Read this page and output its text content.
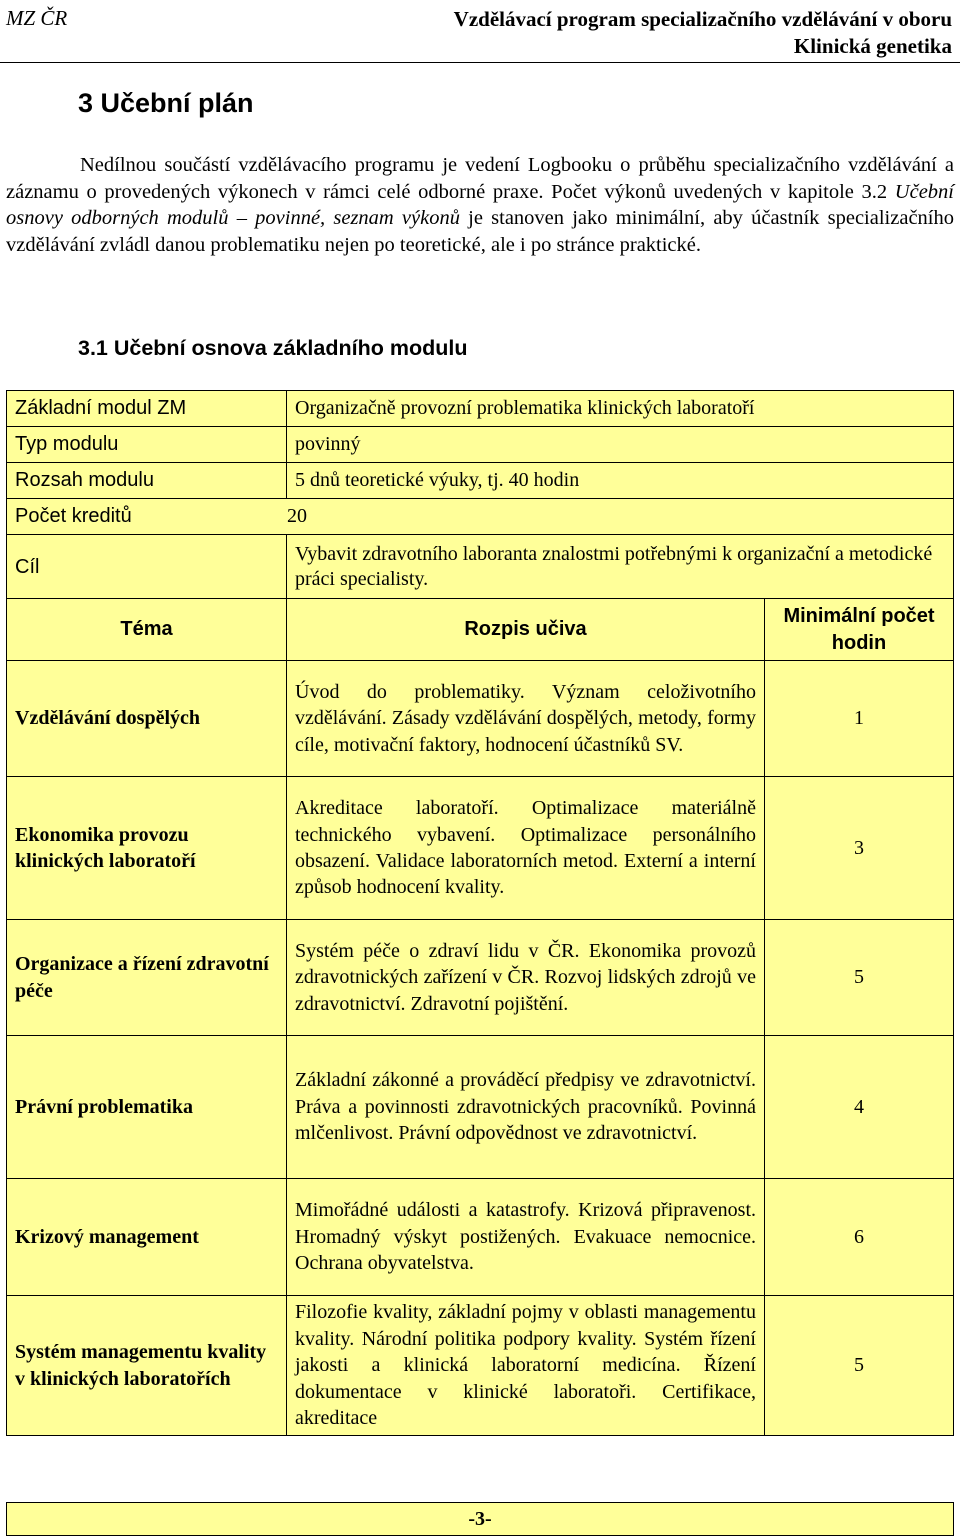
MZ ČR	Vzdělávací program specializačního vzdělávání v oboru
Klinická genetika
3 Učební plán
Nedílnou součástí vzdělávacího programu je vedení Logbooku o průběhu specializačního vzdělávání a záznamu o provedených výkonech v rámci celé odborné praxe. Počet výkonů uvedených v kapitole 3.2 Učební osnovy odborných modulů – povinné, seznam výkonů je stanoven jako minimální, aby účastník specializačního vzdělávání zvládl danou problematiku nejen po teoretické, ale i po stránce praktické.
3.1 Učební osnova základního modulu
Základní modul ZM	Organizačně provozní problematika klinických laboratoří
Typ modulu	povinný
Rozsah modulu	5 dnů teoretické výuky, tj. 40 hodin
Počet kreditů 20	
Cíl	Vybavit zdravotního laboranta znalostmi potřebnými k organizační a metodické práci specialisty.
Téma	Rozpis učiva	Minimální počet hodin
Vzdělávání dospělých	Úvod do problematiky. Význam celoživotního vzdělávání. Zásady vzdělávání dospělých, metody, formy cíle, motivační faktory, hodnocení účastníků SV.	1
Ekonomika provozu klinických laboratoří	Akreditace laboratoří. Optimalizace materiálně technického vybavení. Optimalizace personálního obsazení. Validace laboratorních metod. Externí a interní způsob hodnocení kvality.	3
Organizace a řízení zdravotní péče	Systém péče o zdraví lidu v ČR. Ekonomika provozů zdravotnických zařízení v ČR. Rozvoj lidských zdrojů ve zdravotnictví. Zdravotní pojištění.	5
Právní problematika	Základní zákonné a prováděcí předpisy ve zdravotnictví. Práva a povinnosti zdravotnických pracovníků. Povinná mlčenlivost. Právní odpovědnost ve zdravotnictví.	4
Krizový management	Mimořádné události a katastrofy. Krizová připravenost. Hromadný výskyt postižených. Evakuace nemocnice. Ochrana obyvatelstva.	6
Systém managementu kvality v klinických laboratořích	Filozofie kvality, základní pojmy v oblasti managementu kvality. Národní politika podpory kvality. Systém řízení jakosti a klinická laboratorní medicína. Řízení dokumentace v klinické laboratoři. Certifikace, akreditace	5
-3-
